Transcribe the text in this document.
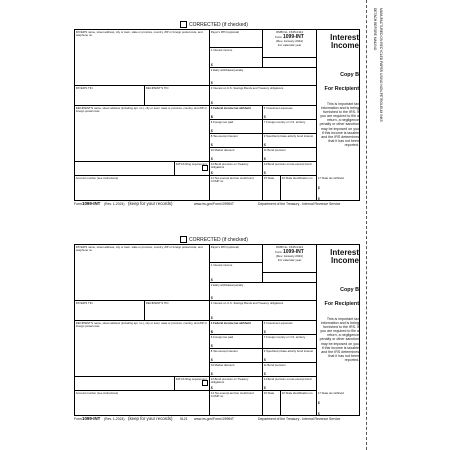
DETACH BEFORE MAILING MANUFACTURED ON RECYCLED PAPER USING NON-PETROLEUM INKS
CORRECTED (if checked)
PAYER'S name, street address, city or town, state or province, country, ZIP or foreign postal code, and telephone no.
Payer's RTN (optional)	OMB No. 1545-0112
Form 1099-INT
(Rev. January 2024)
For calendar year
Interest
Income
1 Interest income
$
Copy B
2 Early withdrawal penalty
$
For Recipient
PAYER'S TIN	RECIPIENT'S TIN	3 Interest on U.S. Savings Bonds and Treasury obligations
$
RECIPIENT'S name, street address (including apt. no.), city or town, state or province, country, and ZIP or foreign postal code
4 Federal income tax withheld
$
5 Investment expenses
$
This is important tax information and is being furnished to the IRS. If you are required to file a return, a negligence penalty or other sanction may be imposed on you if this income is taxable and the IRS determines that it has not been reported.
6 Foreign tax paid
$
7 Foreign country or U.S. territory
8 Tax-exempt interest
$
9 Specified private activity bond interest
$
10 Market discount
$
11 Bond premium
$
FATCA filing requirement	12 Bond premium on Treasury obligations
$
13 Bond premium on tax-exempt bond
$
Account number (see instructions)	14 Tax-exempt and tax credit bond CUSIP no.
15 State	16 State identification no.	17 State tax withheld
$
$
Form 1099-INT (Rev. 1-2024) (keep for your records)	www.irs.gov/Form1099INT	Department of the Treasury - Internal Revenue Service
CORRECTED (if checked)
PAYER'S name, street address, city or town, state or province, country, ZIP or foreign postal code, and telephone no.
Payer's RTN (optional)	OMB No. 1545-0112
Form 1099-INT
(Rev. January 2024)
For calendar year
Interest
Income
1 Interest income
$
Copy B
2 Early withdrawal penalty
$
For Recipient
PAYER'S TIN	RECIPIENT'S TIN	3 Interest on U.S. Savings Bonds and Treasury obligations
$
RECIPIENT'S name, street address (including apt. no.), city or town, state or province, country, and ZIP or foreign postal code
4 Federal income tax withheld
$
5 Investment expenses
$
This is important tax information and is being furnished to the IRS. If you are required to file a return, a negligence penalty or other sanction may be imposed on you if this income is taxable and the IRS determines that it has not been reported.
6 Foreign tax paid
$
7 Foreign country or U.S. territory
8 Tax-exempt interest
$
9 Specified private activity bond interest
$
10 Market discount
$
11 Bond premium
$
FATCA filing requirement	12 Bond premium on Treasury obligations
$
13 Bond premium on tax-exempt bond
$
Account number (see instructions)	14 Tax-exempt and tax credit bond CUSIP no.
15 State	16 State identification no.	17 State tax withheld
$
$
Form 1099-INT (Rev. 1-2024) (keep for your records) 5121 www.irs.gov/Form1099INT	Department of the Treasury - Internal Revenue Service
